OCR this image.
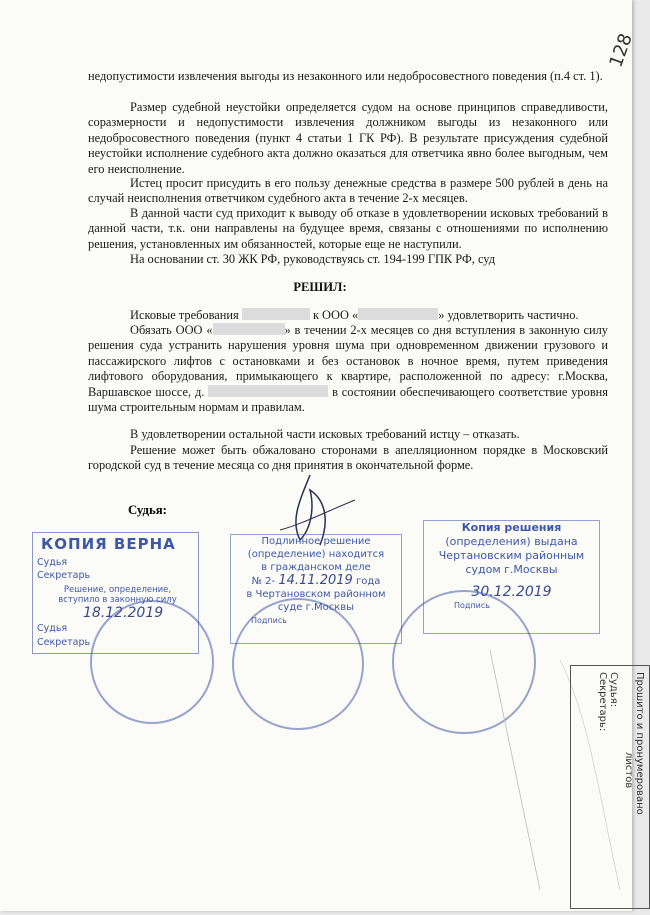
128
недопустимости извлечения выгоды из незаконного или недобросовестного поведения (п.4 ст. 1).
Размер судебной неустойки определяется судом на основе принципов справедливости, соразмерности и недопустимости извлечения должником выгоды из незаконного или недобросовестного поведения (пункт 4 статьи 1 ГК РФ). В результате присуждения судебной неустойки исполнение судебного акта должно оказаться для ответчика явно более выгодным, чем его неисполнение.
Истец просит присудить в его пользу денежные средства в размере 500 рублей в день на случай неисполнения ответчиком судебного акта в течение 2-х месяцев.
В данной части суд приходит к выводу об отказе в удовлетворении исковых требований в данной части, т.к. они направлены на будущее время, связаны с отношениями по исполнению решения, установленных им обязанностей, которые еще не наступили.
На основании ст. 30 ЖК РФ, руководствуясь ст. 194-199 ГПК РФ, суд
РЕШИЛ:
Исковые требования	к ООО «	» удовлетворить частично.
Обязать ООО «	» в течении 2-х месяцев со дня вступления в законную силу решения суда устранить нарушения уровня шума при одновременном движении грузового и пассажирского лифтов с остановками и без остановок в ночное время, путем приведения лифтового оборудования, примыкающего к квартире, расположенной по адресу: г.Москва, Варшавское шоссе, д.	в состоянии обеспечивающего соответствие уровня шума строительным нормам и правилам.
В удовлетворении остальной части исковых требований истцу – отказать.
Решение может быть обжаловано сторонами в апелляционном порядке в Московский городской суд в течение месяца со дня принятия в окончательной форме.
Судья:
КОПИЯ ВЕРНА
Судья
Секретарь
Решение, определение, вступило в законную силу
18.12.2019
Судья
Секретарь
Подлинное решение
(определение) находится
в гражданском деле
№ 2- 14.11.2019 года
в Чертановском районном
суде г.Москвы
Подпись
Копия решения
(определения) выдана
Чертановским районным
судом г.Москвы
30.12.2019
Подпись
Прошито и пронумеровано
листов
Судья:
Секретарь:
